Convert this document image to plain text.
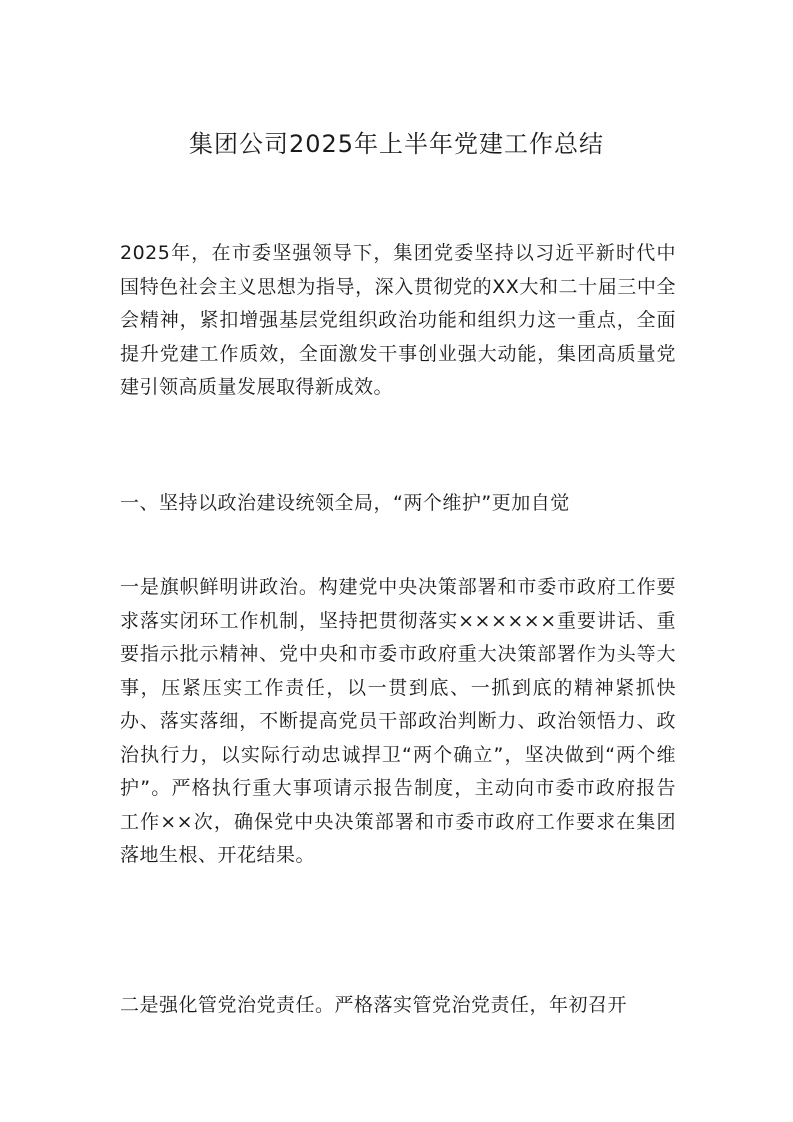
集团公司2025年上半年党建工作总结

2025年，在市委坚强领导下，集团党委坚持以习近平新时代中国特色社会主义思想为指导，深入贯彻党的XX大和二十届三中全会精神，紧扣增强基层党组织政治功能和组织力这一重点，全面提升党建工作质效，全面激发干事创业强大动能，集团高质量党建引领高质量发展取得新成效。

一、坚持以政治建设统领全局，“两个维护”更加自觉

一是旗帜鲜明讲政治。构建党中央决策部署和市委市政府工作要求落实闭环工作机制，坚持把贯彻落实××××××重要讲话、重要指示批示精神、党中央和市委市政府重大决策部署作为头等大事，压紧压实工作责任，以一贯到底、一抓到底的精神紧抓快办、落实落细，不断提高党员干部政治判断力、政治领悟力、政治执行力，以实际行动忠诚捍卫“两个确立”，坚决做到“两个维护”。严格执行重大事项请示报告制度，主动向市委市政府报告工作××次，确保党中央决策部署和市委市政府工作要求在集团落地生根、开花结果。

二是强化管党治党责任。严格落实管党治党责任，年初召开
